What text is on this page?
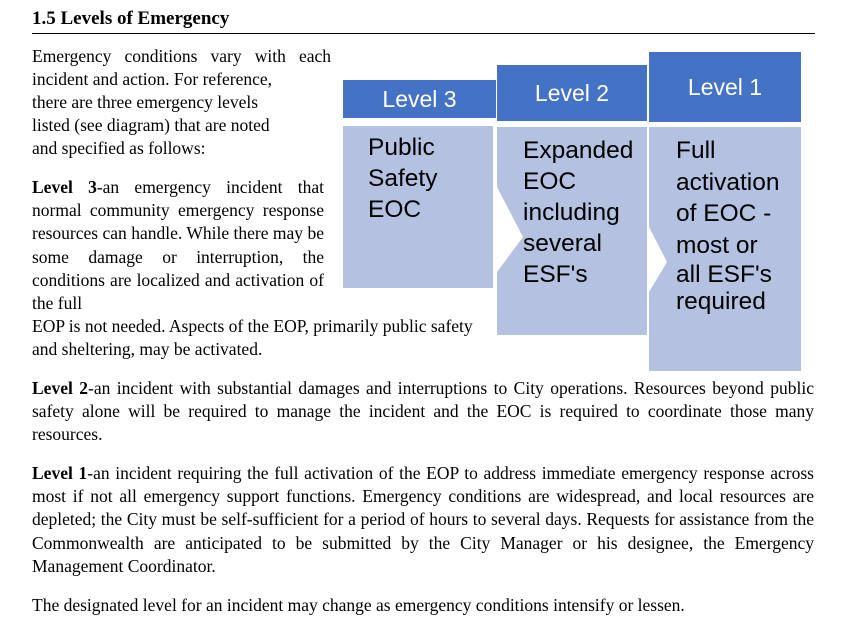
1.5 Levels of Emergency
Emergency   conditions   vary   with   each
incident and action. For reference,
there are three emergency levels
listed (see diagram) that are noted
and specified as follows:
Level 3-an emergency incident that normal community emergency response resources can handle. While there may be some damage or interruption, the conditions are localized and activation of the full
EOP is not needed. Aspects of the EOP, primarily public safety and sheltering, may be activated.
Level 2-an incident with substantial damages and interruptions to City operations. Resources beyond public safety alone will be required to manage the incident and the EOC is required to coordinate those many resources.
Level 1-an incident requiring the full activation of the EOP to address immediate emergency response across most if not all emergency support functions. Emergency conditions are widespread, and local resources are depleted; the City must be self-sufficient for a period of hours to several days. Requests for assistance from the Commonwealth are anticipated to be submitted by the City Manager or his designee, the Emergency Management Coordinator.
The designated level for an incident may change as emergency conditions intensify or lessen.
Level 3
Public
Safety
EOC
Level 2
Expanded
EOC
including
several
ESF's
Level 1
Full
activation
of EOC -
most or
all ESF's
required
